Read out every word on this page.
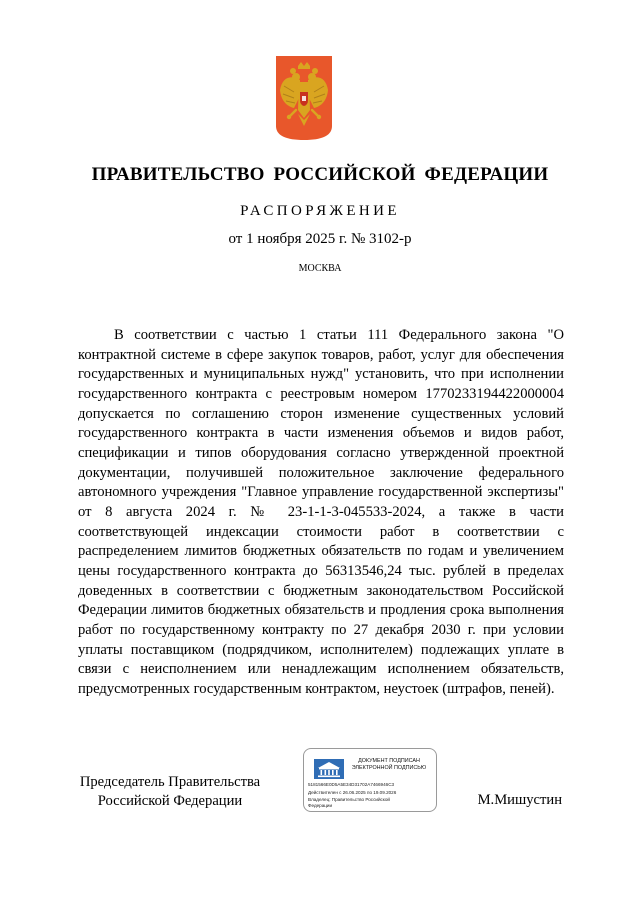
ПРАВИТЕЛЬСТВО РОССИЙСКОЙ ФЕДЕРАЦИИ
РАСПОРЯЖЕНИЕ
от 1 ноября 2025 г. № 3102-р
МОСКВА

В соответствии с частью 1 статьи 111 Федерального закона "О контрактной системе в сфере закупок товаров, работ, услуг для обеспечения государственных и муниципальных нужд" установить, что при исполнении государственного контракта с реестровым номером 1770233194422000004 допускается по соглашению сторон изменение существенных условий государственного контракта в части изменения объемов и видов работ, спецификации и типов оборудования согласно утвержденной проектной документации, получившей положительное заключение федерального автономного учреждения "Главное управление государственной экспертизы" от 8 августа 2024 г. № 23-1-1-3-045533-2024, а также в части соответствующей индексации стоимости работ в соответствии с распределением лимитов бюджетных обязательств по годам и увеличением цены государственного контракта до 56313546,24 тыс. рублей в пределах доведенных в соответствии с бюджетным законодательством Российской Федерации лимитов бюджетных обязательств и продления срока выполнения работ по государственному контракту по 27 декабря 2030 г. при условии уплаты поставщиком (подрядчиком, исполнителем) подлежащих уплате в связи с неисполнением или ненадлежащим исполнением обязательств, предусмотренных государственным контрактом, неустоек (штрафов, пеней).

Председатель Правительства
Российской Федерации	М.Мишустин
ДОКУМЕНТ ПОДПИСАН
ЭЛЕКТРОННОЙ ПОДПИСЬЮ
5181566E0D5A5E34D31702A7466946C3
Действителен с 26.06.2025 по 19.09.2026
Владелец: Правительство Российской
Федерации
